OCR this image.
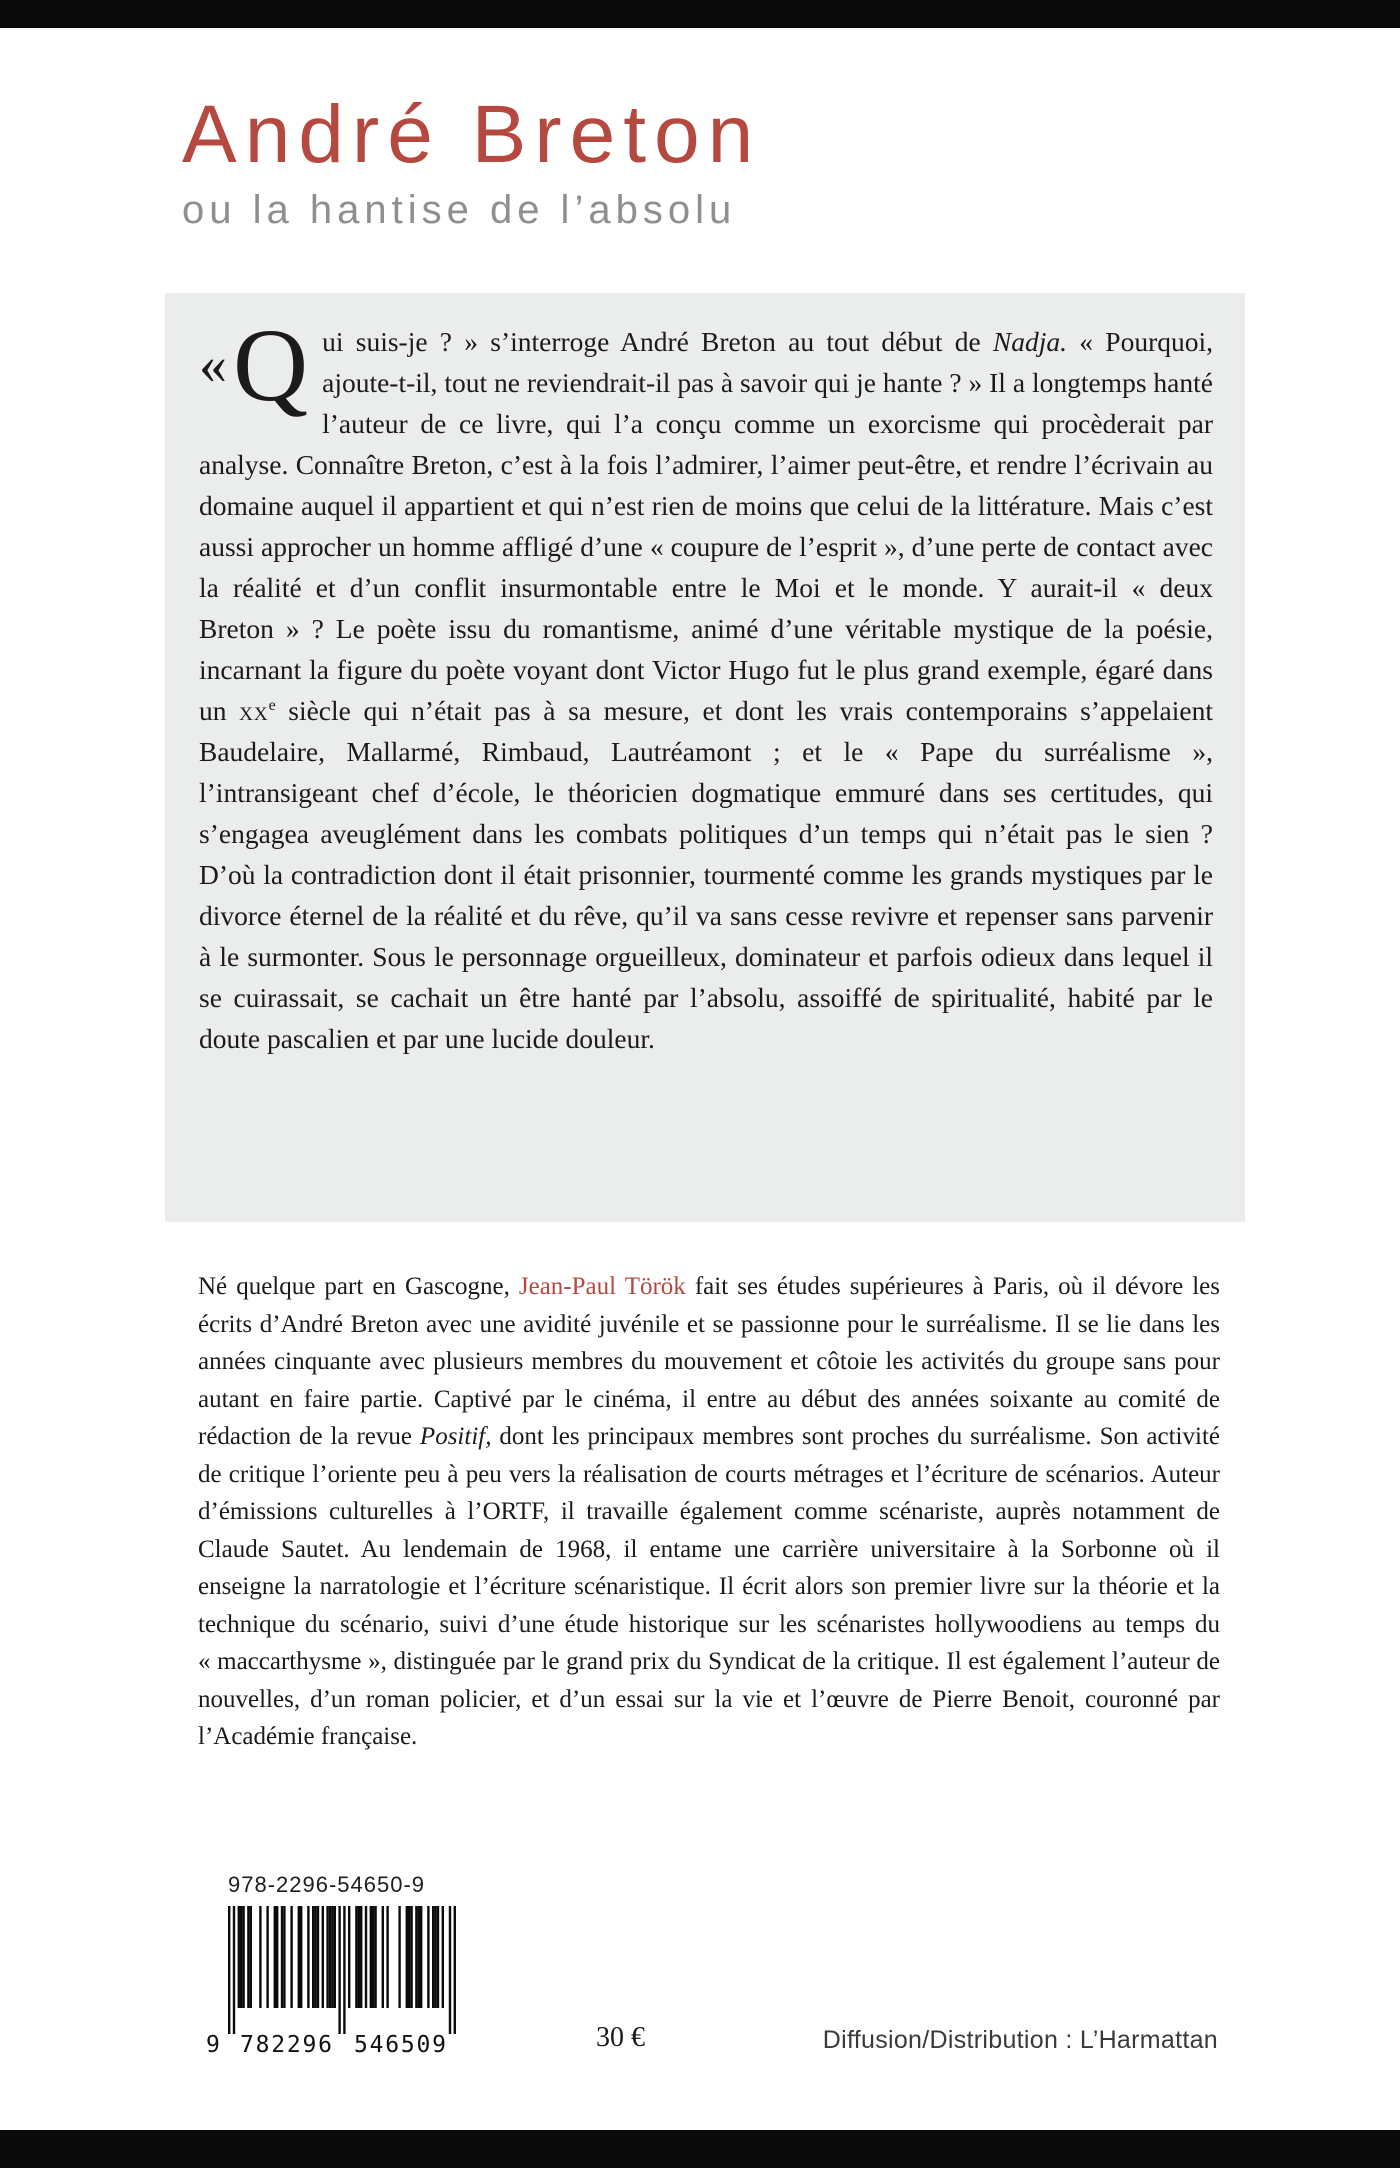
André Breton
ou la hantise de l’absolu

« Q ui suis-je ? » s’interroge André Breton au tout début de Nadja. « Pourquoi, ajoute-t-il, tout ne reviendrait-il pas à savoir qui je hante ? » Il a longtemps hanté l’auteur de ce livre, qui l’a conçu comme un exorcisme qui procèderait par analyse. Connaître Breton, c’est à la fois l’admirer, l’aimer peut-être, et rendre l’écrivain au domaine auquel il appartient et qui n’est rien de moins que celui de la littérature. Mais c’est aussi approcher un homme affligé d’une « coupure de l’esprit », d’une perte de contact avec la réalité et d’un conflit insurmontable entre le Moi et le monde. Y aurait-il « deux Breton » ? Le poète issu du romantisme, animé d’une véritable mystique de la poésie, incarnant la figure du poète voyant dont Victor Hugo fut le plus grand exemple, égaré dans un $xx^e$ siècle qui n’était pas à sa mesure, et dont les vrais contemporains s’appelaient Baudelaire, Mallarmé, Rimbaud, Lautréamont ; et le « Pape du surréalisme », l’intransigeant chef d’école, le théoricien dogmatique emmuré dans ses certitudes, qui s’engagea aveuglément dans les combats politiques d’un temps qui n’était pas le sien ? D’où la contradiction dont il était prisonnier, tourmenté comme les grands mystiques par le divorce éternel de la réalité et du rêve, qu’il va sans cesse revivre et repenser sans parvenir à le surmonter. Sous le personnage orgueilleux, dominateur et parfois odieux dans lequel il se cuirassait, se cachait un être hanté par l’absolu, assoiffé de spiritualité, habité par le doute pascalien et par une lucide douleur.

Né quelque part en Gascogne, Jean-Paul Török fait ses études supérieures à Paris, où il dévore les écrits d’André Breton avec une avidité juvénile et se passionne pour le surréalisme. Il se lie dans les années cinquante avec plusieurs membres du mouvement et côtoie les activités du groupe sans pour autant en faire partie. Captivé par le cinéma, il entre au début des années soixante au comité de rédaction de la revue Positif, dont les principaux membres sont proches du surréalisme. Son activité de critique l’oriente peu à peu vers la réalisation de courts métrages et l’écriture de scénarios. Auteur d’émissions culturelles à l’ORTF, il travaille également comme scénariste, auprès notamment de Claude Sautet. Au lendemain de 1968, il entame une carrière universitaire à la Sorbonne où il enseigne la narratologie et l’écriture scénaristique. Il écrit alors son premier livre sur la théorie et la technique du scénario, suivi d’une étude historique sur les scénaristes hollywoodiens au temps du « maccarthysme », distinguée par le grand prix du Syndicat de la critique. Il est également l’auteur de nouvelles, d’un roman policier, et d’un essai sur la vie et l’œuvre de Pierre Benoit, couronné par l’Académie française.

978-2296-54650-9
9 782296 546509	30 €	Diffusion/Distribution : L’Harmattan
